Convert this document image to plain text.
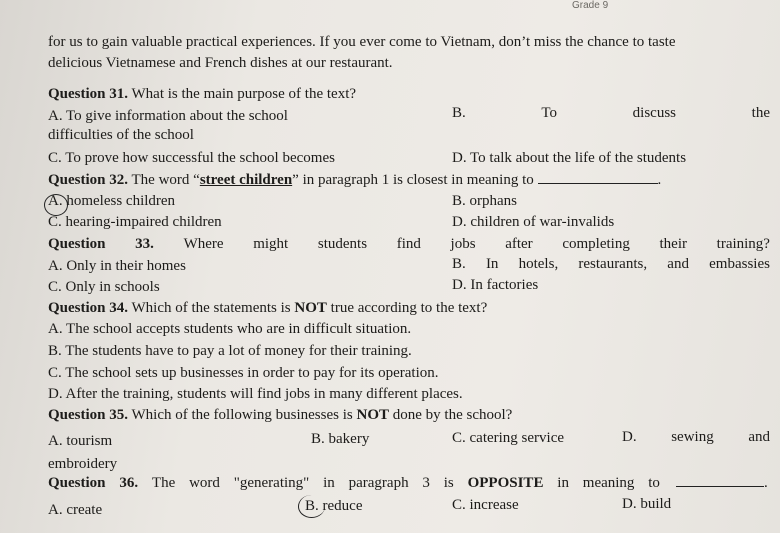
Grade 9
for us to gain valuable practical experiences. If you ever come to Vietnam, don’t miss the chance to taste
delicious Vietnamese and French dishes at our restaurant.
Question 31. What is the main purpose of the text?
A. To give information about the school	B.	To	discuss	the
difficulties of the school
C. To prove how successful the school becomes	D. To talk about the life of the students
Question 32. The word “street children” in paragraph 1 is closest in meaning to	.
A. homeless children	B. orphans
C. hearing-impaired children	D. children of war-invalids
Question 33. Where might students find jobs after completing their training?
A. Only in their homes	B. In hotels, restaurants, and embassies
C. Only in schools	D. In factories
Question 34. Which of the statements is NOT true according to the text?
A. The school accepts students who are in difficult situation.
B. The students have to pay a lot of money for their training.
C. The school sets up businesses in order to pay for its operation.
D. After the training, students will find jobs in many different places.
Question 35. Which of the following businesses is NOT done by the school?
A. tourism	B. bakery	C. catering service	D. sewing and
embroidery
Question 36. The word "generating" in paragraph 3 is OPPOSITE in meaning to	.
A. create	B. reduce	C. increase	D. build
